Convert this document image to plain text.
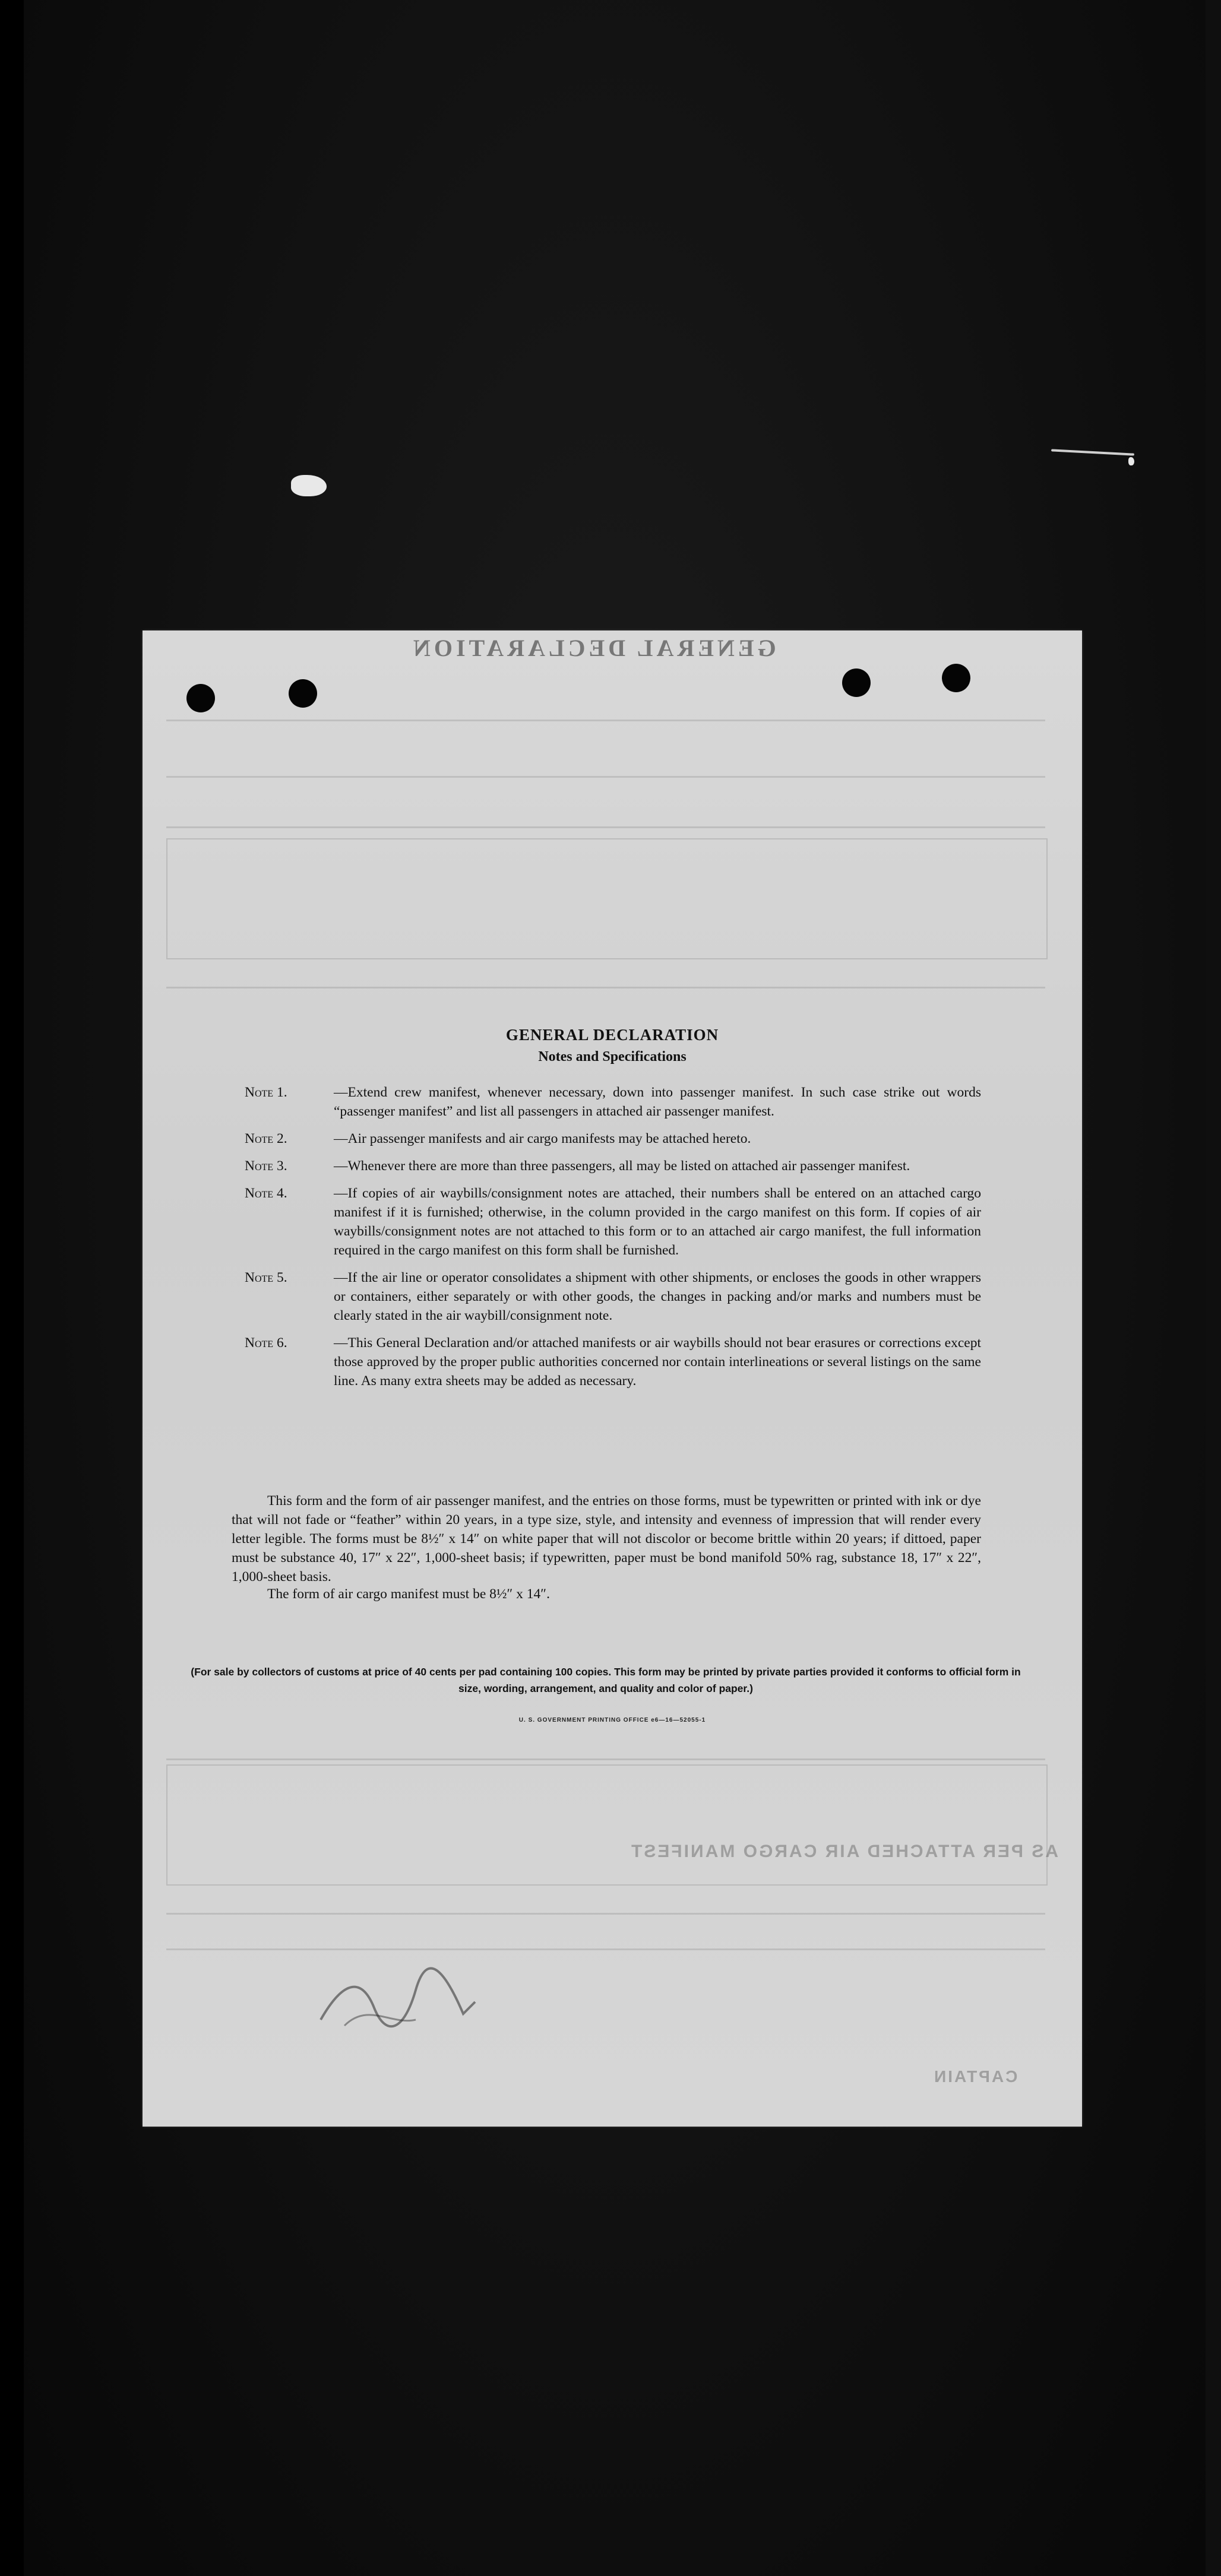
GENERAL DECLARATION
Notes and Specifications
Note 1.	—Extend crew manifest, whenever necessary, down into passenger manifest. In such case strike out words “passenger manifest” and list all passengers in attached air passenger manifest.
Note 2.	—Air passenger manifests and air cargo manifests may be attached hereto.
Note 3.	—Whenever there are more than three passengers, all may be listed on attached air passenger manifest.
Note 4.	—If copies of air waybills/consignment notes are attached, their numbers shall be entered on an attached cargo manifest if it is furnished; otherwise, in the column provided in the cargo manifest on this form. If copies of air waybills/consignment notes are not attached to this form or to an attached air cargo manifest, the full information required in the cargo manifest on this form shall be furnished.
Note 5.	—If the air line or operator consolidates a shipment with other shipments, or encloses the goods in other wrappers or containers, either separately or with other goods, the changes in packing and/or marks and numbers must be clearly stated in the air waybill/consignment note.
Note 6.	—This General Declaration and/or attached manifests or air waybills should not bear erasures or corrections except those approved by the proper public authorities concerned nor contain interlineations or several listings on the same line. As many extra sheets may be added as necessary.
This form and the form of air passenger manifest, and the entries on those forms, must be typewritten or printed with ink or dye that will not fade or “feather” within 20 years, in a type size, style, and intensity and evenness of impression that will render every letter legible. The forms must be 8½″ x 14″ on white paper that will not discolor or become brittle within 20 years; if dittoed, paper must be substance 40, 17″ x 22″, 1,000-sheet basis; if typewritten, paper must be bond manifold 50% rag, substance 18, 17″ x 22″, 1,000-sheet basis.
The form of air cargo manifest must be 8½″ x 14″.
(For sale by collectors of customs at price of 40 cents per pad containing 100 copies. This form may be printed by private parties provided it conforms to official form in size, wording, arrangement, and quality and color of paper.)
U. S. GOVERNMENT PRINTING OFFICE e6—16—52055-1
GENERAL DECLARATION
AS PER ATTACHED AIR CARGO MANIFEST
CAPTAIN
